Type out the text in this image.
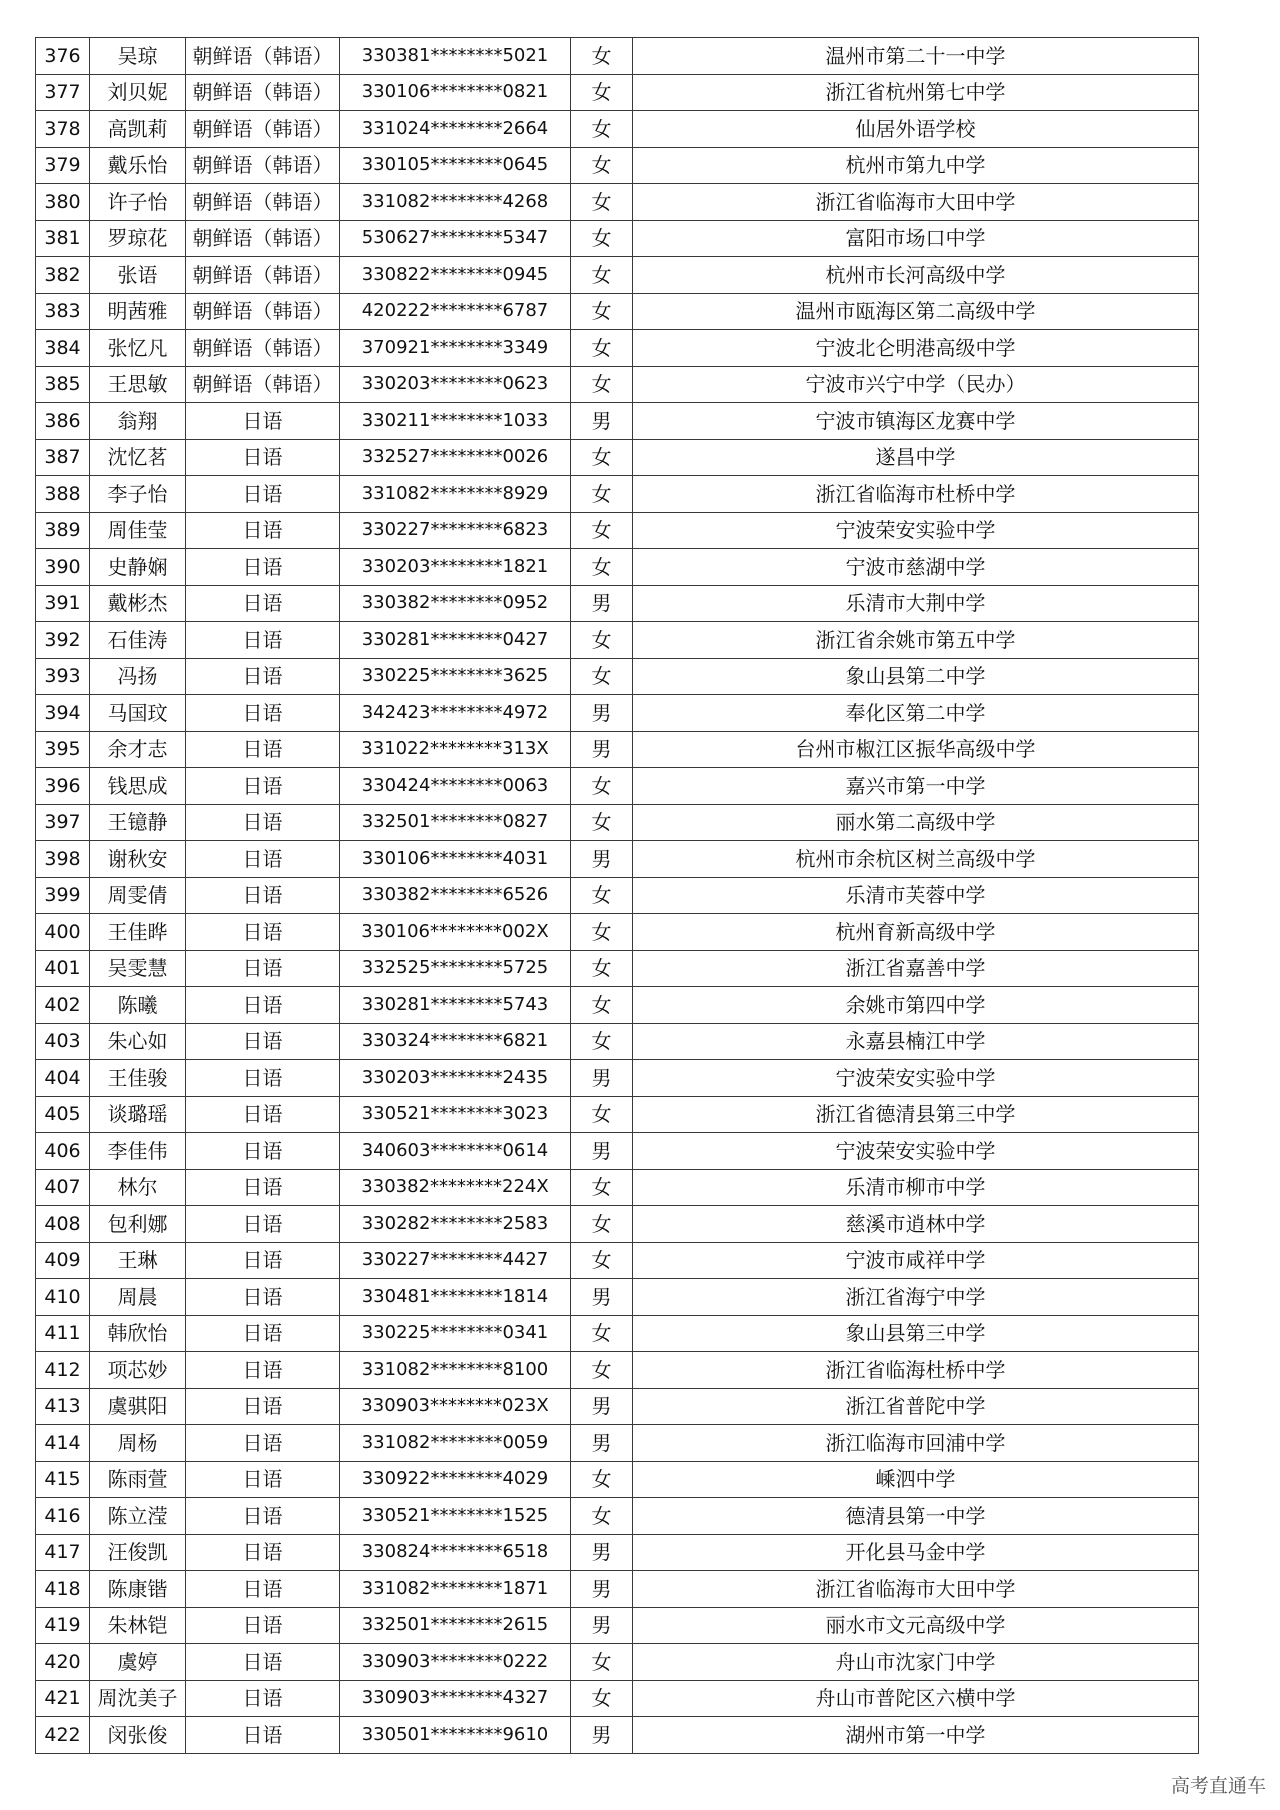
376	吴琼	朝鲜语（韩语）	330381********5021	女	温州市第二十一中学
377	刘贝妮	朝鲜语（韩语）	330106********0821	女	浙江省杭州第七中学
378	高凯莉	朝鲜语（韩语）	331024********2664	女	仙居外语学校
379	戴乐怡	朝鲜语（韩语）	330105********0645	女	杭州市第九中学
380	许子怡	朝鲜语（韩语）	331082********4268	女	浙江省临海市大田中学
381	罗琼花	朝鲜语（韩语）	530627********5347	女	富阳市场口中学
382	张语	朝鲜语（韩语）	330822********0945	女	杭州市长河高级中学
383	明茜雅	朝鲜语（韩语）	420222********6787	女	温州市瓯海区第二高级中学
384	张忆凡	朝鲜语（韩语）	370921********3349	女	宁波北仑明港高级中学
385	王思敏	朝鲜语（韩语）	330203********0623	女	宁波市兴宁中学（民办）
386	翁翔	日语	330211********1033	男	宁波市镇海区龙赛中学
387	沈忆茗	日语	332527********0026	女	遂昌中学
388	李子怡	日语	331082********8929	女	浙江省临海市杜桥中学
389	周佳莹	日语	330227********6823	女	宁波荣安实验中学
390	史静娴	日语	330203********1821	女	宁波市慈湖中学
391	戴彬杰	日语	330382********0952	男	乐清市大荆中学
392	石佳涛	日语	330281********0427	女	浙江省余姚市第五中学
393	冯扬	日语	330225********3625	女	象山县第二中学
394	马国玟	日语	342423********4972	男	奉化区第二中学
395	余才志	日语	331022********313X	男	台州市椒江区振华高级中学
396	钱思成	日语	330424********0063	女	嘉兴市第一中学
397	王镱静	日语	332501********0827	女	丽水第二高级中学
398	谢秋安	日语	330106********4031	男	杭州市余杭区树兰高级中学
399	周雯倩	日语	330382********6526	女	乐清市芙蓉中学
400	王佳晔	日语	330106********002X	女	杭州育新高级中学
401	吴雯慧	日语	332525********5725	女	浙江省嘉善中学
402	陈曦	日语	330281********5743	女	余姚市第四中学
403	朱心如	日语	330324********6821	女	永嘉县楠江中学
404	王佳骏	日语	330203********2435	男	宁波荣安实验中学
405	谈璐瑶	日语	330521********3023	女	浙江省德清县第三中学
406	李佳伟	日语	340603********0614	男	宁波荣安实验中学
407	林尔	日语	330382********224X	女	乐清市柳市中学
408	包利娜	日语	330282********2583	女	慈溪市逍林中学
409	王琳	日语	330227********4427	女	宁波市咸祥中学
410	周晨	日语	330481********1814	男	浙江省海宁中学
411	韩欣怡	日语	330225********0341	女	象山县第三中学
412	项芯妙	日语	331082********8100	女	浙江省临海杜桥中学
413	虞骐阳	日语	330903********023X	男	浙江省普陀中学
414	周杨	日语	331082********0059	男	浙江临海市回浦中学
415	陈雨萱	日语	330922********4029	女	嵊泗中学
416	陈立滢	日语	330521********1525	女	德清县第一中学
417	汪俊凯	日语	330824********6518	男	开化县马金中学
418	陈康锴	日语	331082********1871	男	浙江省临海市大田中学
419	朱林铠	日语	332501********2615	男	丽水市文元高级中学
420	虞婷	日语	330903********0222	女	舟山市沈家门中学
421	周沈美子	日语	330903********4327	女	舟山市普陀区六横中学
422	闵张俊	日语	330501********9610	男	湖州市第一中学
高考直通车
